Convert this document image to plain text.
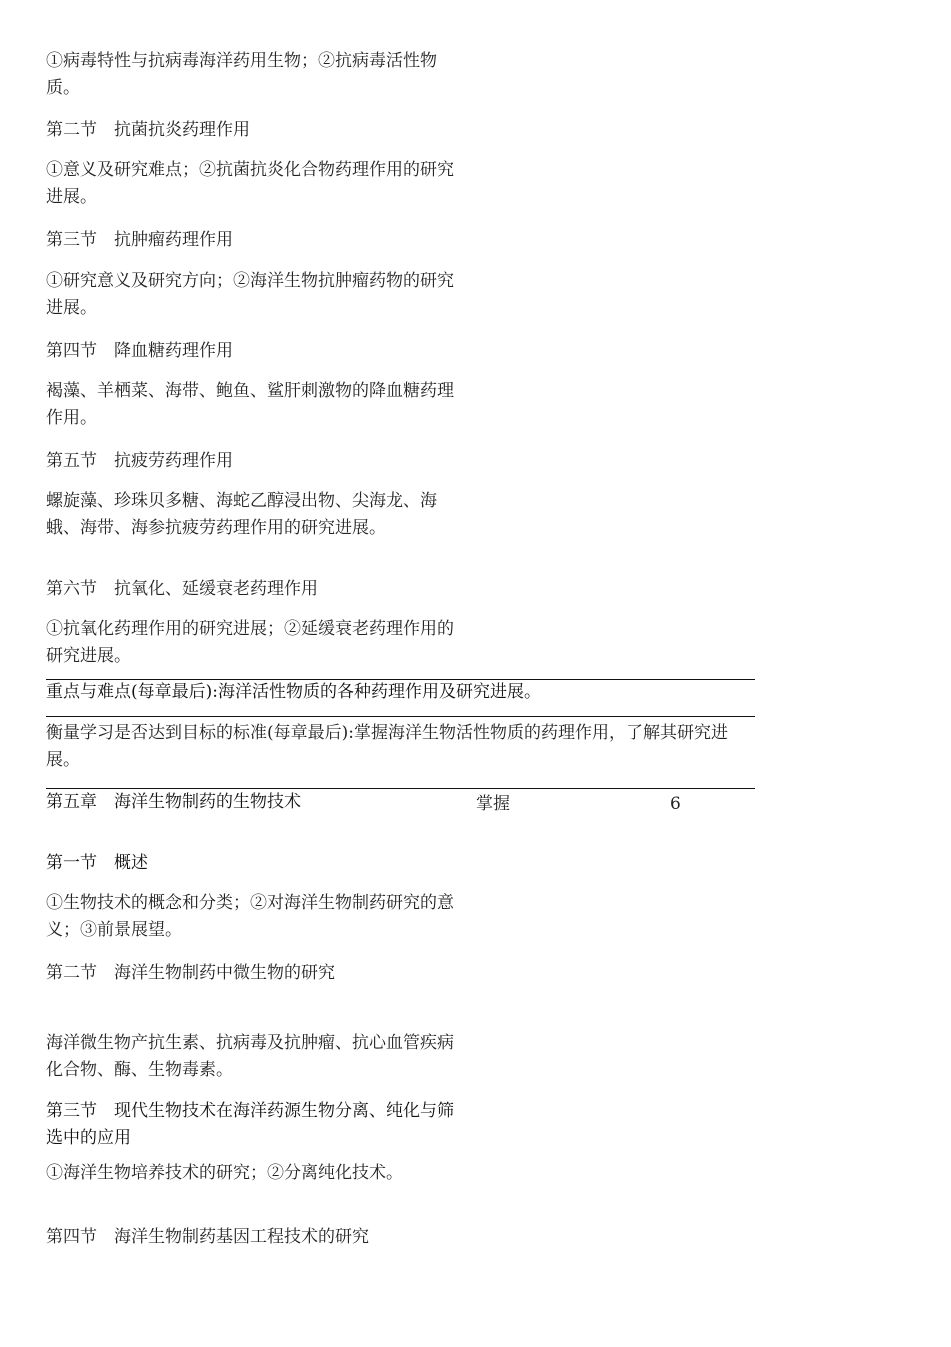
①病毒特性与抗病毒海洋药用生物；②抗病毒活性物质。

第二节　抗菌抗炎药理作用

①意义及研究难点；②抗菌抗炎化合物药理作用的研究进展。

第三节　抗肿瘤药理作用

①研究意义及研究方向；②海洋生物抗肿瘤药物的研究进展。

第四节　降血糖药理作用

褐藻、羊栖菜、海带、鲍鱼、鲨肝刺激物的降血糖药理作用。

第五节　抗疲劳药理作用

螺旋藻、珍珠贝多糖、海蛇乙醇浸出物、尖海龙、海蛾、海带、海参抗疲劳药理作用的研究进展。

第六节　抗氧化、延缓衰老药理作用

①抗氧化药理作用的研究进展；②延缓衰老药理作用的研究进展。

重点与难点(每章最后):海洋活性物质的各种药理作用及研究进展。

衡量学习是否达到目标的标准(每章最后):掌握海洋生物活性物质的药理作用，了解其研究进展。

第五章　海洋生物制药的生物技术	掌握	6

第一节　概述

①生物技术的概念和分类；②对海洋生物制药研究的意义；③前景展望。

第二节　海洋生物制药中微生物的研究

海洋微生物产抗生素、抗病毒及抗肿瘤、抗心血管疾病化合物、酶、生物毒素。

第三节　现代生物技术在海洋药源生物分离、纯化与筛选中的应用

①海洋生物培养技术的研究；②分离纯化技术。

第四节　海洋生物制药基因工程技术的研究
